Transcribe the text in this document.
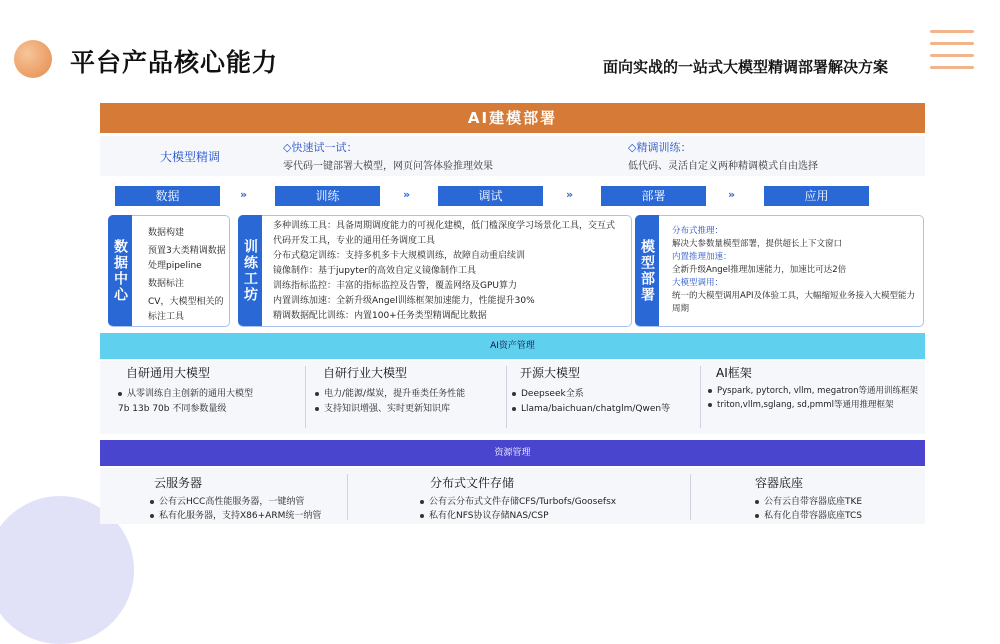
平台产品核心能力	面向实战的一站式大模型精调部署解决方案
AI建模部署
大模型精调
◇快速试一试：
零代码一键部署大模型，网页问答体验推理效果
◇精调训练：
低代码、灵活自定义两种精调模式自由选择
数据	»	训练	»	调试	»	部署	»	应用
数据中心
数据构建
预置3大类精调数据处理pipeline
数据标注
CV，大模型相关的标注工具
训练工坊
多种训练工具：具备周期调度能力的可视化建模，低门槛深度学习场景化工具，交互式代码开发工具，专业的通用任务调度工具
分布式稳定训练：支持多机多卡大规模训练，故障自动重启续训
镜像制作：基于jupyter的高效自定义镜像制作工具
训练指标监控：丰富的指标监控及告警，覆盖网络及GPU算力
内置训练加速：全新升级Angel训练框架加速能力，性能提升30%
精调数据配比训练：内置100+任务类型精调配比数据
模型部署
分布式推理：
解决大参数量模型部署，提供超长上下文窗口
内置推理加速：
全新升级Angel推理加速能力，加速比可达2倍
大模型调用：
统一的大模型调用API及体验工具，大幅缩短业务接入大模型能力周期
AI资产管理
自研通用大模型
从零训练自主创新的通用大模型
7b 13b 70b 不同参数量级
自研行业大模型
电力/能源/煤炭，提升垂类任务性能
支持知识增强、实时更新知识库
开源大模型
Deepseek全系
Llama/baichuan/chatglm/Qwen等
AI框架
Pyspark, pytorch, vllm, megatron等通用训练框架
triton,vllm,sglang, sd,pmml等通用推理框架
资源管理
云服务器
公有云HCC高性能服务器，一键纳管
私有化服务器，支持X86+ARM统一纳管
分布式文件存储
公有云分布式文件存储CFS/Turbofs/Goosefsx
私有化NFS协议存储NAS/CSP
容器底座
公有云自带容器底座TKE
私有化自带容器底座TCS
